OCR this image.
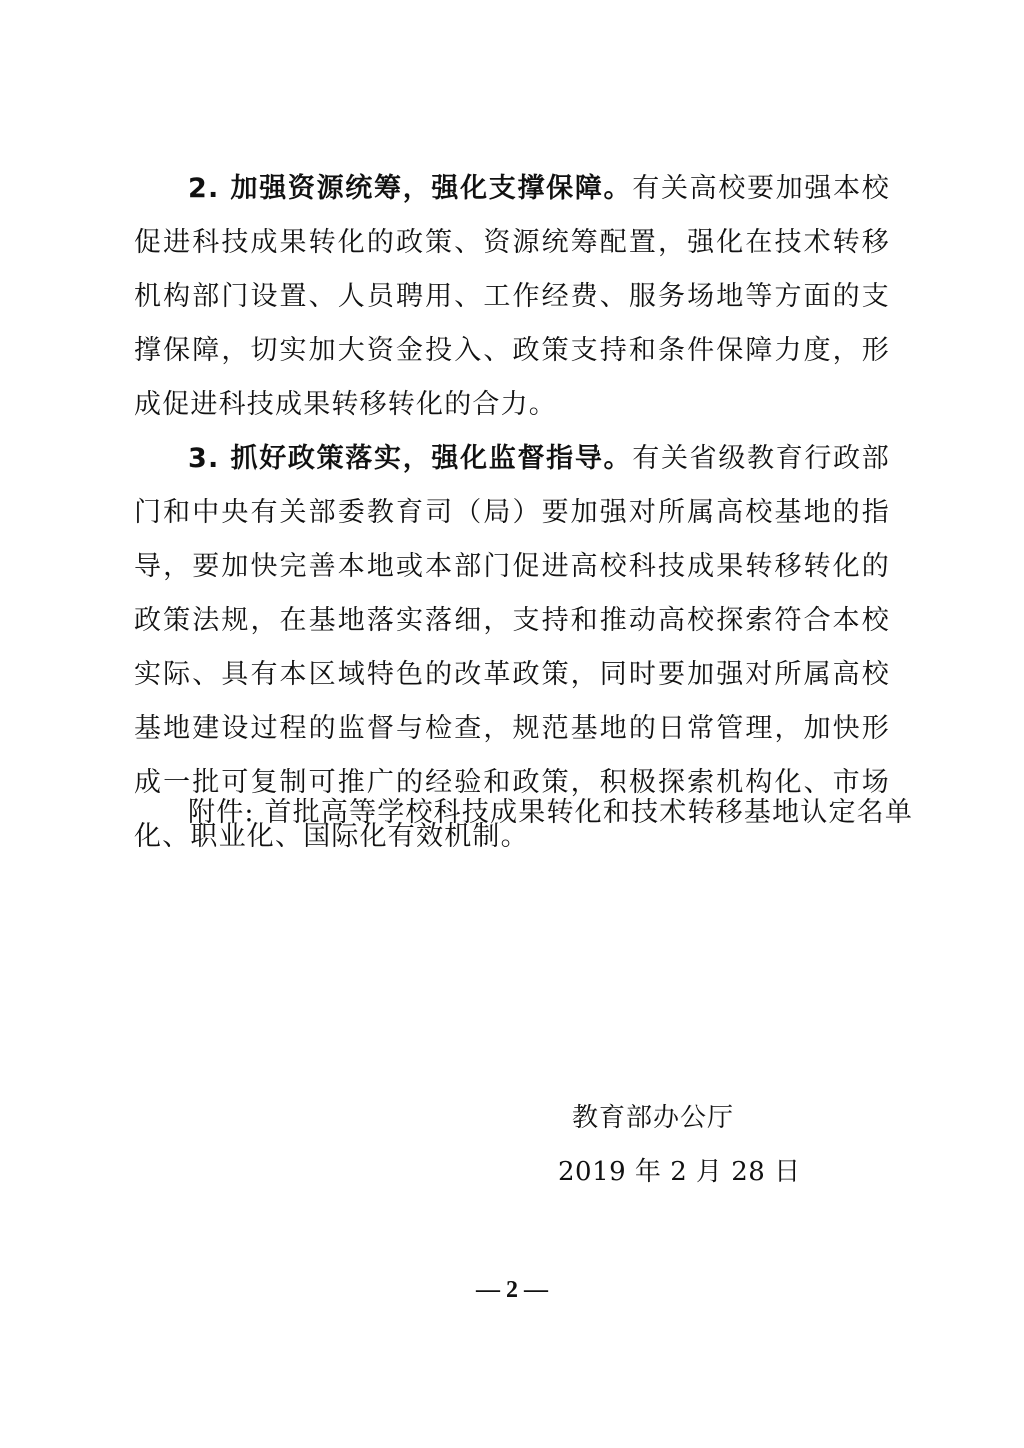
2. 加强资源统筹，强化支撑保障。有关高校要加强本校促进科技成果转化的政策、资源统筹配置，强化在技术转移机构部门设置、人员聘用、工作经费、服务场地等方面的支撑保障，切实加大资金投入、政策支持和条件保障力度，形成促进科技成果转移转化的合力。

3. 抓好政策落实，强化监督指导。有关省级教育行政部门和中央有关部委教育司（局）要加强对所属高校基地的指导，要加快完善本地或本部门促进高校科技成果转移转化的政策法规，在基地落实落细，支持和推动高校探索符合本校实际、具有本区域特色的改革政策，同时要加强对所属高校基地建设过程的监督与检查，规范基地的日常管理，加快形成一批可复制可推广的经验和政策，积极探索机构化、市场化、职业化、国际化有效机制。

附件: 首批高等学校科技成果转化和技术转移基地认定名单
教育部办公厅
2019 年 2 月 28 日
— 2 —
